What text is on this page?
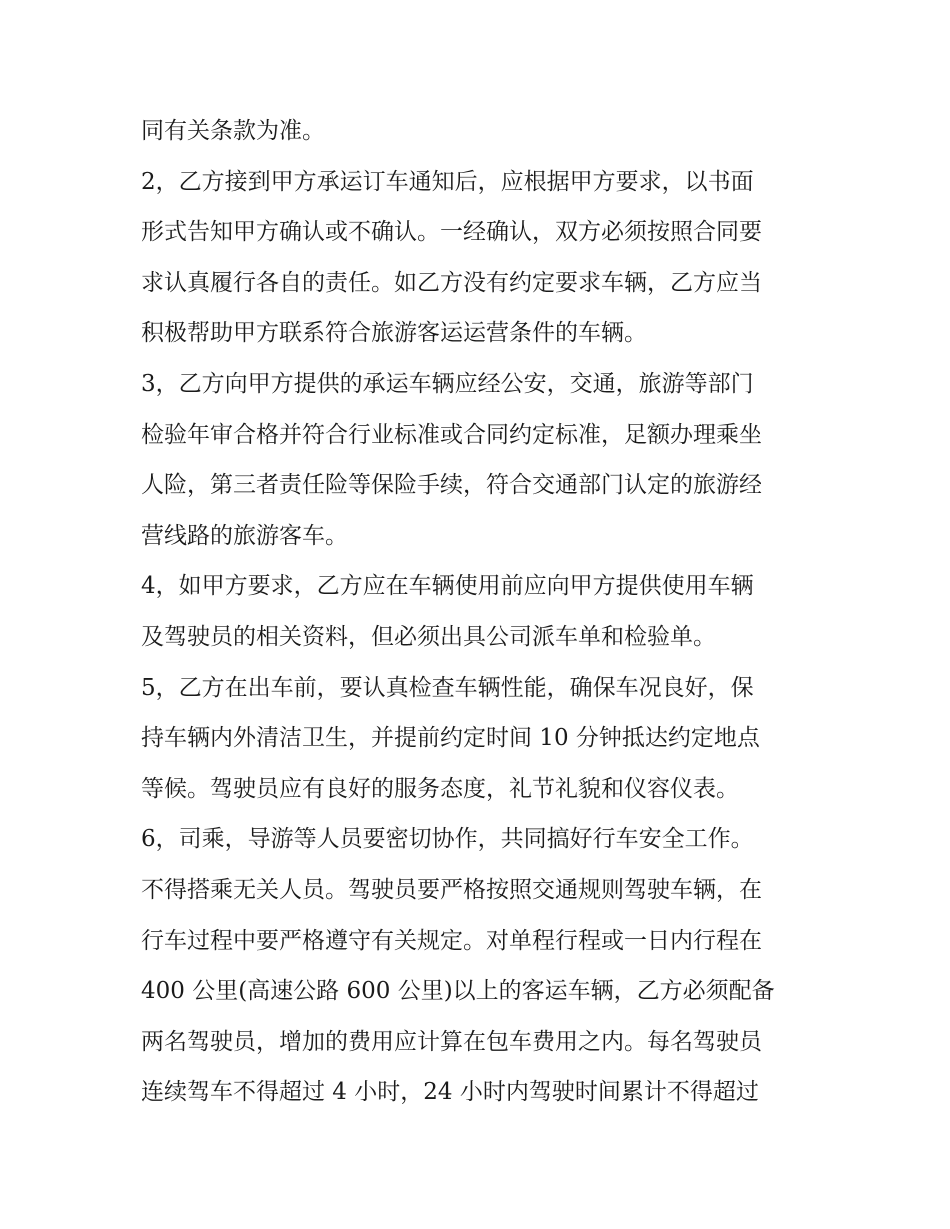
同有关条款为准。
2，乙方接到甲方承运订车通知后，应根据甲方要求，以书面
形式告知甲方确认或不确认。一经确认，双方必须按照合同要
求认真履行各自的责任。如乙方没有约定要求车辆，乙方应当
积极帮助甲方联系符合旅游客运运营条件的车辆。
3，乙方向甲方提供的承运车辆应经公安，交通，旅游等部门
检验年审合格并符合行业标准或合同约定标准，足额办理乘坐
人险，第三者责任险等保险手续，符合交通部门认定的旅游经
营线路的旅游客车。
4，如甲方要求，乙方应在车辆使用前应向甲方提供使用车辆
及驾驶员的相关资料，但必须出具公司派车单和检验单。
5，乙方在出车前，要认真检查车辆性能，确保车况良好，保
持车辆内外清洁卫生，并提前约定时间 10 分钟抵达约定地点
等候。驾驶员应有良好的服务态度，礼节礼貌和仪容仪表。
6，司乘，导游等人员要密切协作，共同搞好行车安全工作。
不得搭乘无关人员。驾驶员要严格按照交通规则驾驶车辆，在
行车过程中要严格遵守有关规定。对单程行程或一日内行程在
400 公里(高速公路 600 公里)以上的客运车辆，乙方必须配备
两名驾驶员，增加的费用应计算在包车费用之内。每名驾驶员
连续驾车不得超过 4 小时，24 小时内驾驶时间累计不得超过
